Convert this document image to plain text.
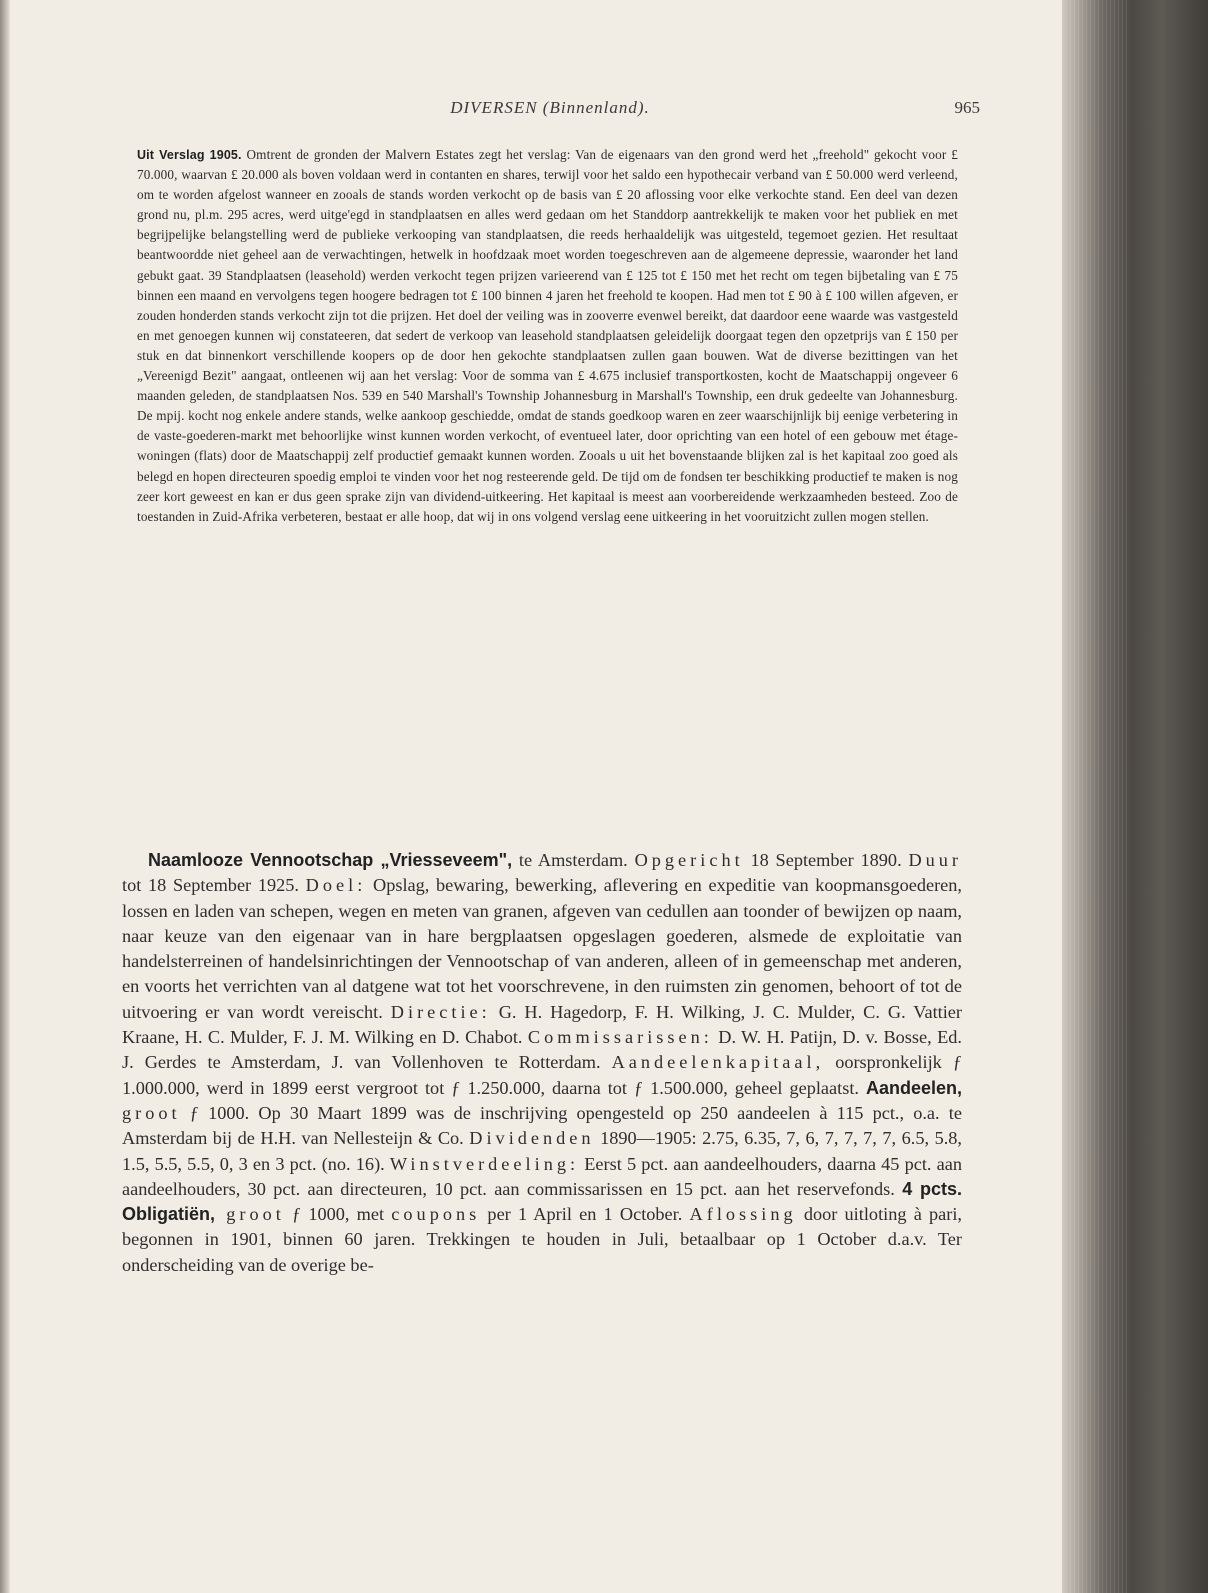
DIVERSEN (Binnenland).	965

Uit Verslag 1905. Omtrent de gronden der Malvern Estates zegt het verslag: Van de eigenaars van den grond werd het „freehold" gekocht voor £ 70.000, waarvan £ 20.000 als boven voldaan werd in contanten en shares, terwijl voor het saldo een hypothecair verband van £ 50.000 werd verleend, om te worden afgelost wanneer en zooals de stands worden verkocht op de basis van £ 20 aflossing voor elke verkochte stand. Een deel van dezen grond nu, pl.m. 295 acres, werd uitge'egd in standplaatsen en alles werd gedaan om het Standdorp aantrekkelijk te maken voor het publiek en met begrijpelijke belangstelling werd de publieke verkooping van standplaatsen, die reeds herhaaldelijk was uitgesteld, tegemoet gezien. Het resultaat beantwoordde niet geheel aan de verwachtingen, hetwelk in hoofdzaak moet worden toegeschreven aan de algemeene depressie, waaronder het land gebukt gaat. 39 Standplaatsen (leasehold) werden verkocht tegen prijzen varieerend van £ 125 tot £ 150 met het recht om tegen bijbetaling van £ 75 binnen een maand en vervolgens tegen hoogere bedragen tot £ 100 binnen 4 jaren het freehold te koopen. Had men tot £ 90 à £ 100 willen afgeven, er zouden honderden stands verkocht zijn tot die prijzen. Het doel der veiling was in zooverre evenwel bereikt, dat daardoor eene waarde was vastgesteld en met genoegen kunnen wij constateeren, dat sedert de verkoop van leasehold standplaatsen geleidelijk doorgaat tegen den opzetprijs van £ 150 per stuk en dat binnenkort verschillende koopers op de door hen gekochte standplaatsen zullen gaan bouwen. Wat de diverse bezittingen van het „Vereenigd Bezit" aangaat, ontleenen wij aan het verslag: Voor de somma van £ 4.675 inclusief transportkosten, kocht de Maatschappij ongeveer 6 maanden geleden, de standplaatsen Nos. 539 en 540 Marshall's Township Johannesburg in Marshall's Township, een druk gedeelte van Johannesburg. De mpij. kocht nog enkele andere stands, welke aankoop geschiedde, omdat de stands goedkoop waren en zeer waarschijnlijk bij eenige verbetering in de vaste-goederen-markt met behoorlijke winst kunnen worden verkocht, of eventueel later, door oprichting van een hotel of een gebouw met étage-woningen (flats) door de Maatschappij zelf productief gemaakt kunnen worden. Zooals u uit het bovenstaande blijken zal is het kapitaal zoo goed als belegd en hopen directeuren spoedig emploi te vinden voor het nog resteerende geld. De tijd om de fondsen ter beschikking productief te maken is nog zeer kort geweest en kan er dus geen sprake zijn van dividend-uitkeering. Het kapitaal is meest aan voorbereidende werkzaamheden besteed. Zoo de toestanden in Zuid-Afrika verbeteren, bestaat er alle hoop, dat wij in ons volgend verslag eene uitkeering in het vooruitzicht zullen mogen stellen.

Naamlooze Vennootschap „Vriesseveem", te Amsterdam. Opgericht 18 September 1890. Duur tot 18 September 1925. Doel: Opslag, bewaring, bewerking, aflevering en expeditie van koopmansgoederen, lossen en laden van schepen, wegen en meten van granen, afgeven van cedullen aan toonder of bewijzen op naam, naar keuze van den eigenaar van in hare bergplaatsen opgeslagen goederen, alsmede de exploitatie van handelsterreinen of handelsinrichtingen der Vennootschap of van anderen, alleen of in gemeenschap met anderen, en voorts het verrichten van al datgene wat tot het voorschrevene, in den ruimsten zin genomen, behoort of tot de uitvoering er van wordt vereischt. Directie: G. H. Hagedorp, F. H. Wilking, J. C. Mulder, C. G. Vattier Kraane, H. C. Mulder, F. J. M. Wilking en D. Chabot. Commissarissen: D. W. H. Patijn, D. v. Bosse, Ed. J. Gerdes te Amsterdam, J. van Vollenhoven te Rotterdam. Aandeelenkapitaal, oorspronkelijk ƒ 1.000.000, werd in 1899 eerst vergroot tot ƒ 1.250.000, daarna tot ƒ 1.500.000, geheel geplaatst. Aandeelen, groot ƒ 1000. Op 30 Maart 1899 was de inschrijving opengesteld op 250 aandeelen à 115 pct., o.a. te Amsterdam bij de H.H. van Nellesteijn & Co. Dividenden 1890—1905: 2.75, 6.35, 7, 6, 7, 7, 7, 7, 6.5, 5.8, 1.5, 5.5, 5.5, 0, 3 en 3 pct. (no. 16). Winstverdeeling: Eerst 5 pct. aan aandeelhouders, daarna 45 pct. aan aandeelhouders, 30 pct. aan directeuren, 10 pct. aan commissarissen en 15 pct. aan het reservefonds. 4 pcts. Obligatiën, groot ƒ 1000, met coupons per 1 April en 1 October. Aflossing door uitloting à pari, begonnen in 1901, binnen 60 jaren. Trekkingen te houden in Juli, betaalbaar op 1 October d.a.v. Ter onderscheiding van de overige be-
